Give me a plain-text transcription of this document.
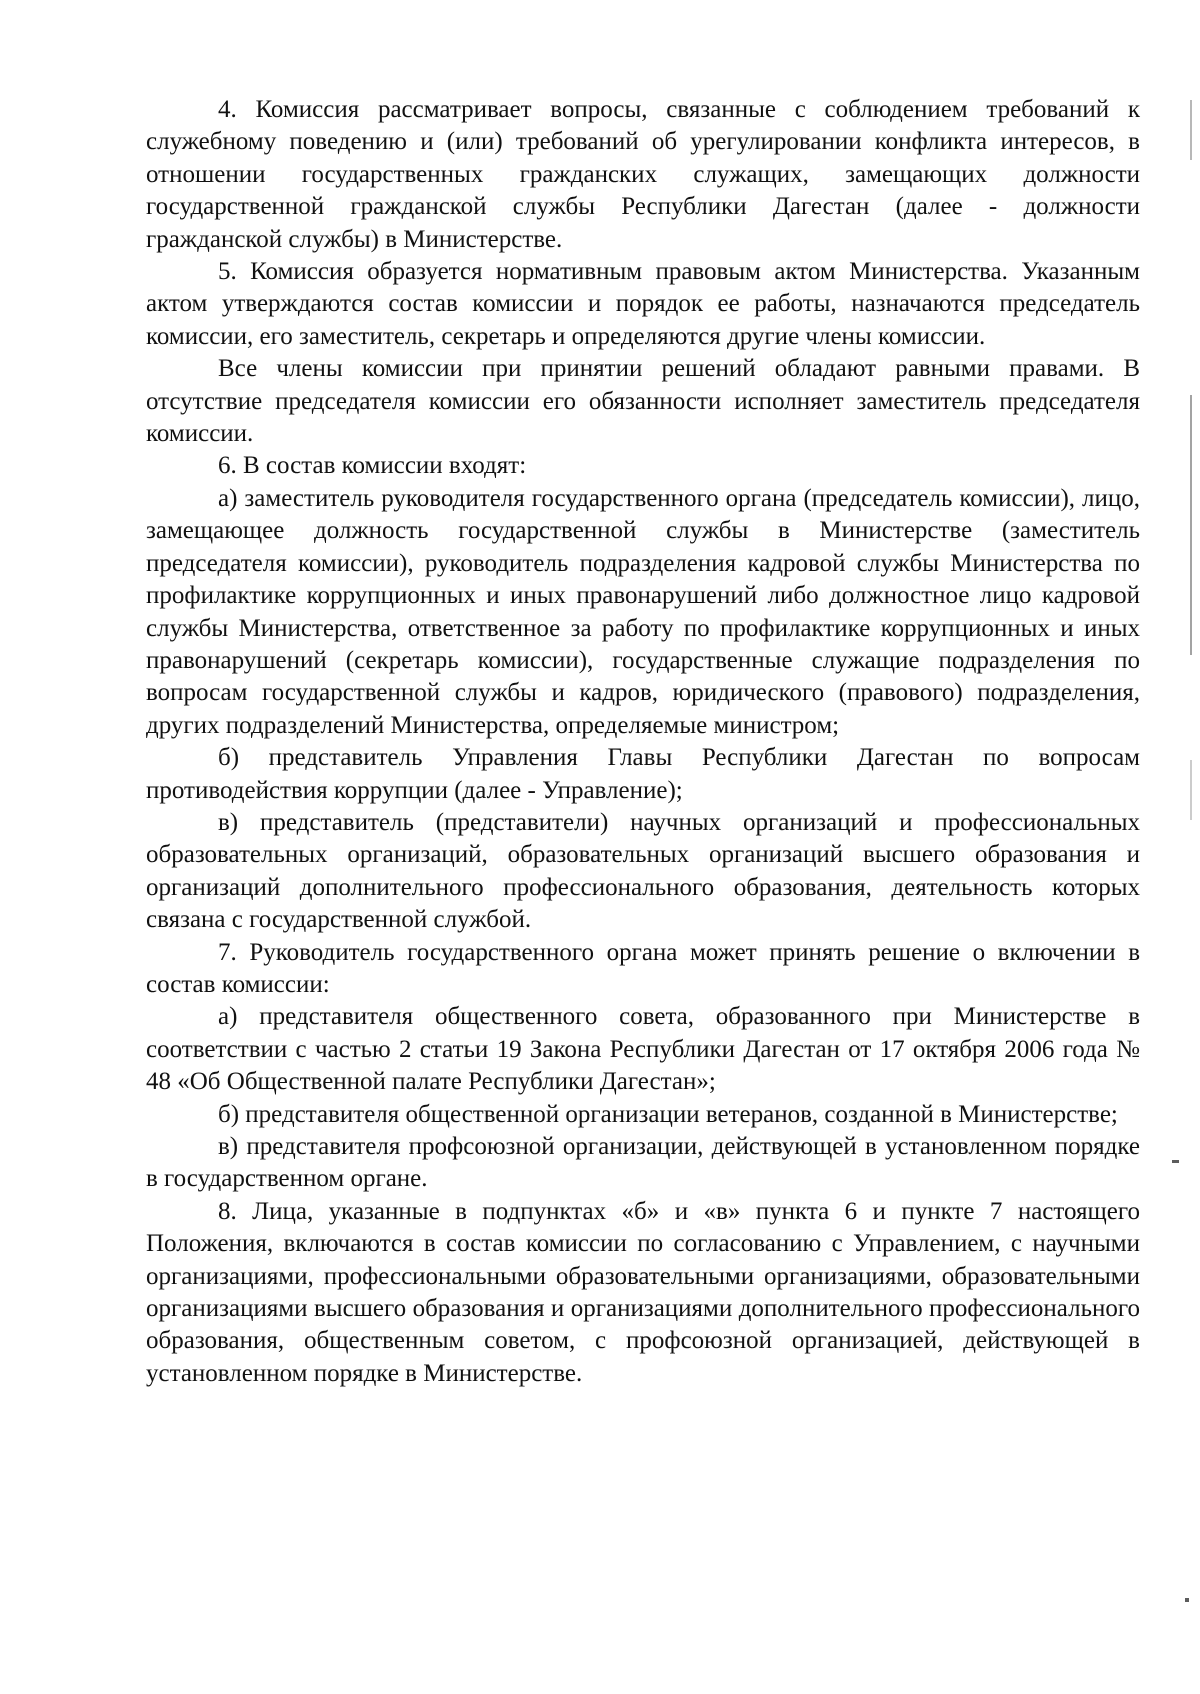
4. Комиссия рассматривает вопросы, связанные с соблюдением требований к служебному поведению и (или) требований об урегулировании конфликта интересов, в отношении государственных гражданских служащих, замещающих должности государственной гражданской службы Республики Дагестан (далее - должности гражданской службы) в Министерстве.

5. Комиссия образуется нормативным правовым актом Министерства. Указанным актом утверждаются состав комиссии и порядок ее работы, назначаются председатель комиссии, его заместитель, секретарь и определяются другие члены комиссии.

Все члены комиссии при принятии решений обладают равными правами. В отсутствие председателя комиссии его обязанности исполняет заместитель председателя комиссии.

6. В состав комиссии входят:

а) заместитель руководителя государственного органа (председатель комиссии), лицо, замещающее должность государственной службы в Министерстве (заместитель председателя комиссии), руководитель подразделения кадровой службы Министерства по профилактике коррупционных и иных правонарушений либо должностное лицо кадровой службы Министерства, ответственное за работу по профилактике коррупционных и иных правонарушений (секретарь комиссии), государственные служащие подразделения по вопросам государственной службы и кадров, юридического (правового) подразделения, других подразделений Министерства, определяемые министром;

б) представитель Управления Главы Республики Дагестан по вопросам противодействия коррупции (далее - Управление);

в) представитель (представители) научных организаций и профессиональных образовательных организаций, образовательных организаций высшего образования и организаций дополнительного профессионального образования, деятельность которых связана с государственной службой.

7. Руководитель государственного органа может принять решение о включении в состав комиссии:

а) представителя общественного совета, образованного при Министерстве в соответствии с частью 2 статьи 19 Закона Республики Дагестан от 17 октября 2006 года № 48 «Об Общественной палате Республики Дагестан»;

б) представителя общественной организации ветеранов, созданной в Министерстве;

в) представителя профсоюзной организации, действующей в установленном порядке в государственном органе.

8. Лица, указанные в подпунктах «б» и «в» пункта 6 и пункте 7 настоящего Положения, включаются в состав комиссии по согласованию с Управлением, с научными организациями, профессиональными образовательными организациями, образовательными организациями высшего образования и организациями дополнительного профессионального образования, общественным советом, с профсоюзной организацией, действующей в установленном порядке в Министерстве.
